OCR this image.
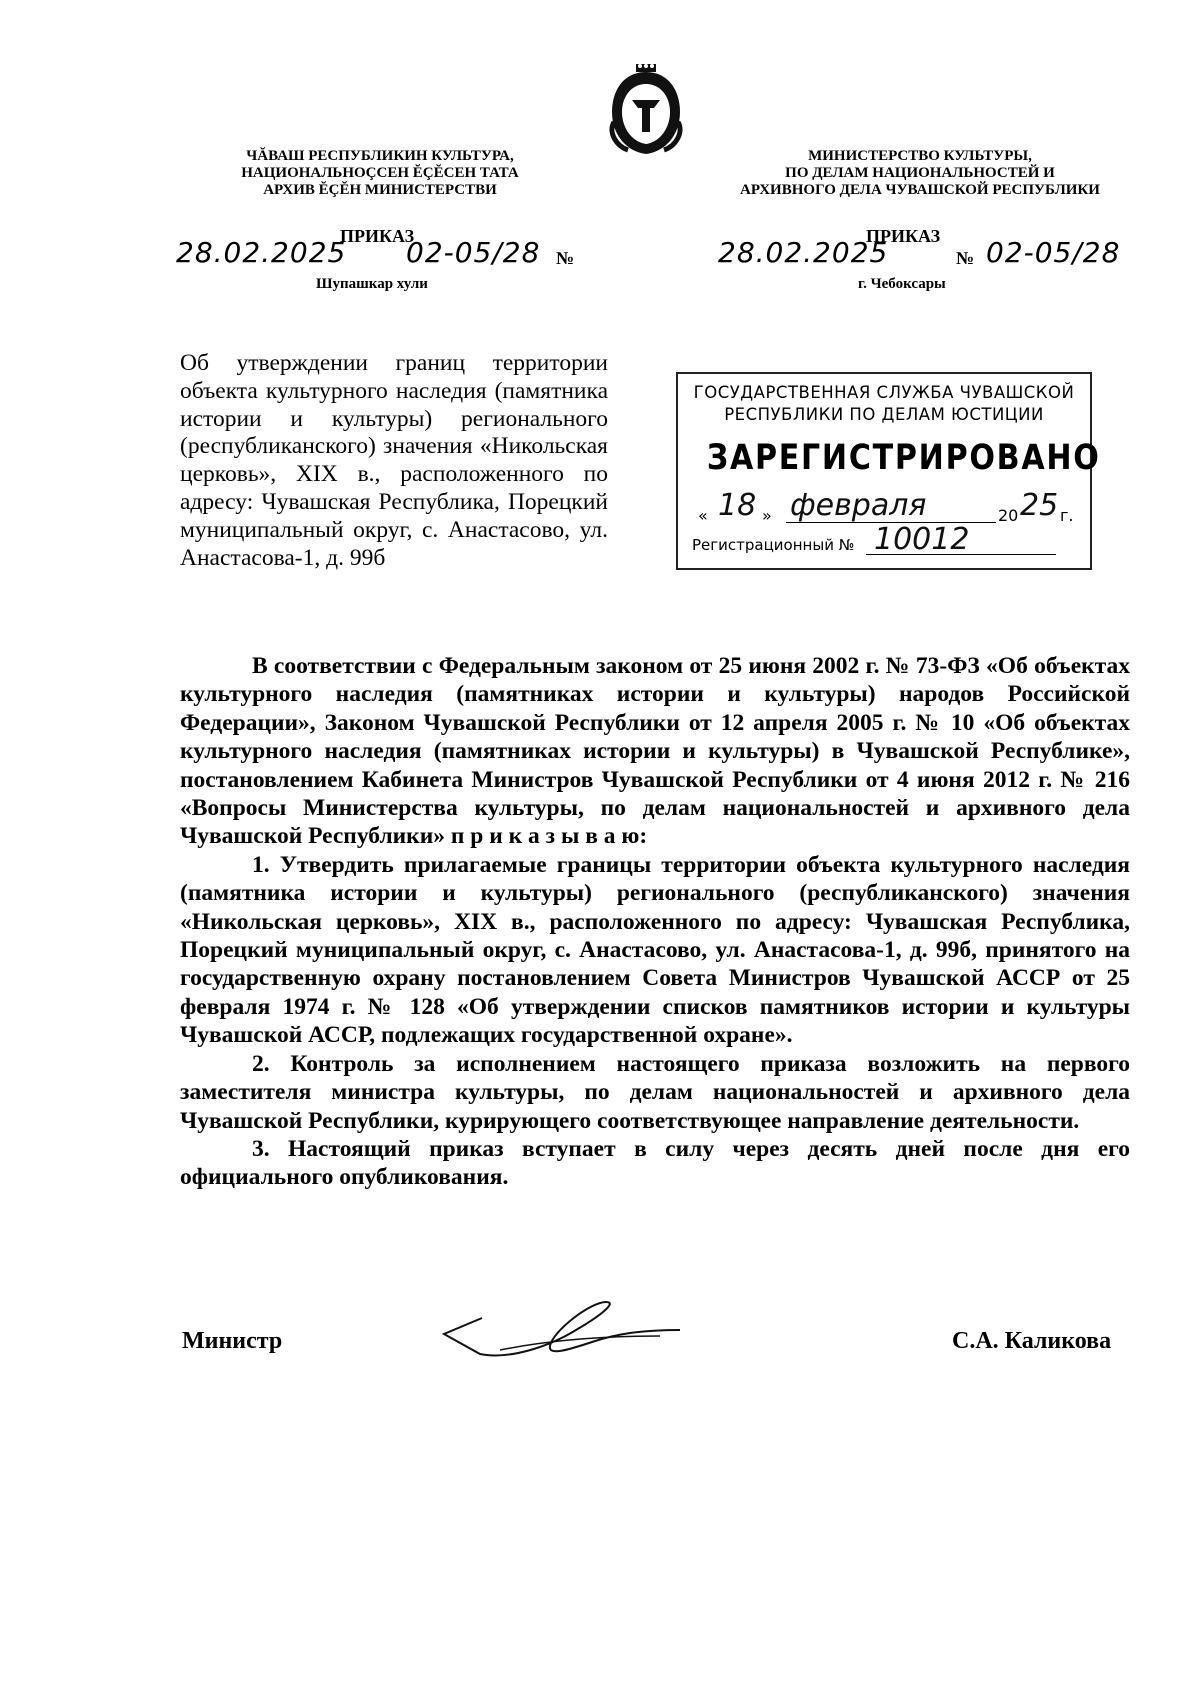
ЧĂВАШ РЕСПУБЛИКИН КУЛЬТУРА,
НАЦИОНАЛЬНОÇСЕН ĔÇĔСЕН ТАТА
АРХИВ ĔÇĔН МИНИСТЕРСТВИ
МИНИСТЕРСТВО КУЛЬТУРЫ,
ПО ДЕЛАМ НАЦИОНАЛЬНОСТЕЙ И
АРХИВНОГО ДЕЛА ЧУВАШСКОЙ РЕСПУБЛИКИ
ПРИКАЗ
28.02.2025 02-05/28 №
Шупашкар хули
ПРИКАЗ
28.02.2025	№ 02-05/28
г. Чебоксары
Об утверждении границ территории объекта культурного наследия (памятника истории и культуры) регионального (республиканского) значения «Никольская церковь», XIX в., расположенного по адресу: Чувашская Республика, Порецкий муниципальный округ, с. Анастасово, ул. Анастасова-1, д. 99б
ГОСУДАРСТВЕННАЯ СЛУЖБА ЧУВАШСКОЙ
РЕСПУБЛИКИ ПО ДЕЛАМ ЮСТИЦИИ
ЗАРЕГИСТРИРОВАНО
« 18 » февраля	20 25 г.
Регистрационный № 10012

В соответствии с Федеральным законом от 25 июня 2002 г. № 73-ФЗ «Об объектах культурного наследия (памятниках истории и культуры) народов Российской Федерации», Законом Чувашской Республики от 12 апреля 2005 г. № 10 «Об объектах культурного наследия (памятниках истории и культуры) в Чувашской Республике», постановлением Кабинета Министров Чувашской Республики от 4 июня 2012 г. № 216 «Вопросы Министерства культуры, по делам национальностей и архивного дела Чувашской Республики» п р и к а з ы в а ю:

1. Утвердить прилагаемые границы территории объекта культурного наследия (памятника истории и культуры) регионального (республиканского) значения «Никольская церковь», XIX в., расположенного по адресу: Чувашская Республика, Порецкий муниципальный округ, с. Анастасово, ул. Анастасова-1, д. 99б, принятого на государственную охрану постановлением Совета Министров Чувашской АССР от 25 февраля 1974 г. № 128 «Об утверждении списков памятников истории и культуры Чувашской АССР, подлежащих государственной охране».

2. Контроль за исполнением настоящего приказа возложить на первого заместителя министра культуры, по делам национальностей и архивного дела Чувашской Республики, курирующего соответствующее направление деятельности.

3. Настоящий приказ вступает в силу через десять дней после дня его официального опубликования.

Министр	С.А. Каликова
